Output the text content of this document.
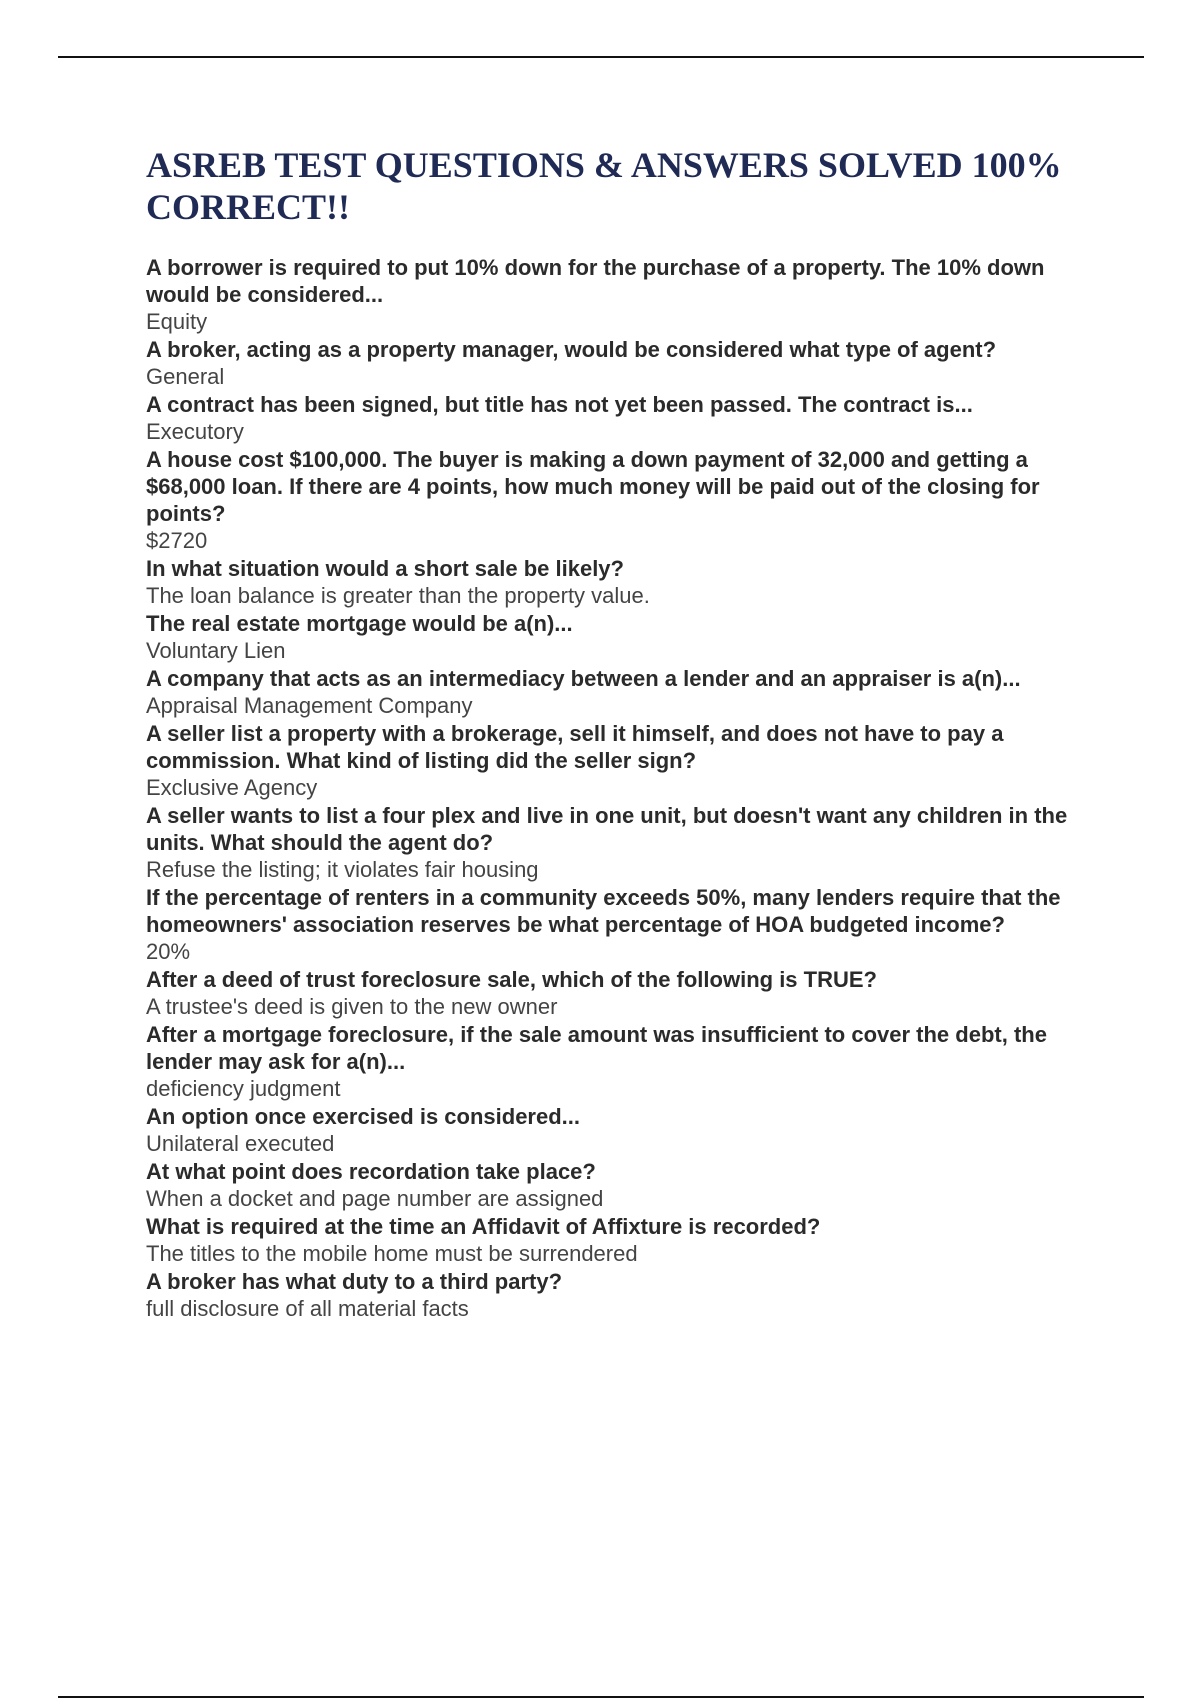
ASREB TEST QUESTIONS & ANSWERS SOLVED 100% CORRECT!!
A borrower is required to put 10% down for the purchase of a property. The 10% down would be considered...
Equity
A broker, acting as a property manager, would be considered what type of agent?
General
A contract has been signed, but title has not yet been passed. The contract is...
Executory
A house cost $100,000. The buyer is making a down payment of 32,000 and getting a $68,000 loan. If there are 4 points, how much money will be paid out of the closing for points?
$2720
In what situation would a short sale be likely?
The loan balance is greater than the property value.
The real estate mortgage would be a(n)...
Voluntary Lien
A company that acts as an intermediacy between a lender and an appraiser is a(n)...
Appraisal Management Company
A seller list a property with a brokerage, sell it himself, and does not have to pay a commission. What kind of listing did the seller sign?
Exclusive Agency
A seller wants to list a four plex and live in one unit, but doesn't want any children in the units. What should the agent do?
Refuse the listing; it violates fair housing
If the percentage of renters in a community exceeds 50%, many lenders require that the homeowners' association reserves be what percentage of HOA budgeted income?
20%
After a deed of trust foreclosure sale, which of the following is TRUE?
A trustee's deed is given to the new owner
After a mortgage foreclosure, if the sale amount was insufficient to cover the debt, the lender may ask for a(n)...
deficiency judgment
An option once exercised is considered...
Unilateral executed
At what point does recordation take place?
When a docket and page number are assigned
What is required at the time an Affidavit of Affixture is recorded?
The titles to the mobile home must be surrendered
A broker has what duty to a third party?
full disclosure of all material facts
